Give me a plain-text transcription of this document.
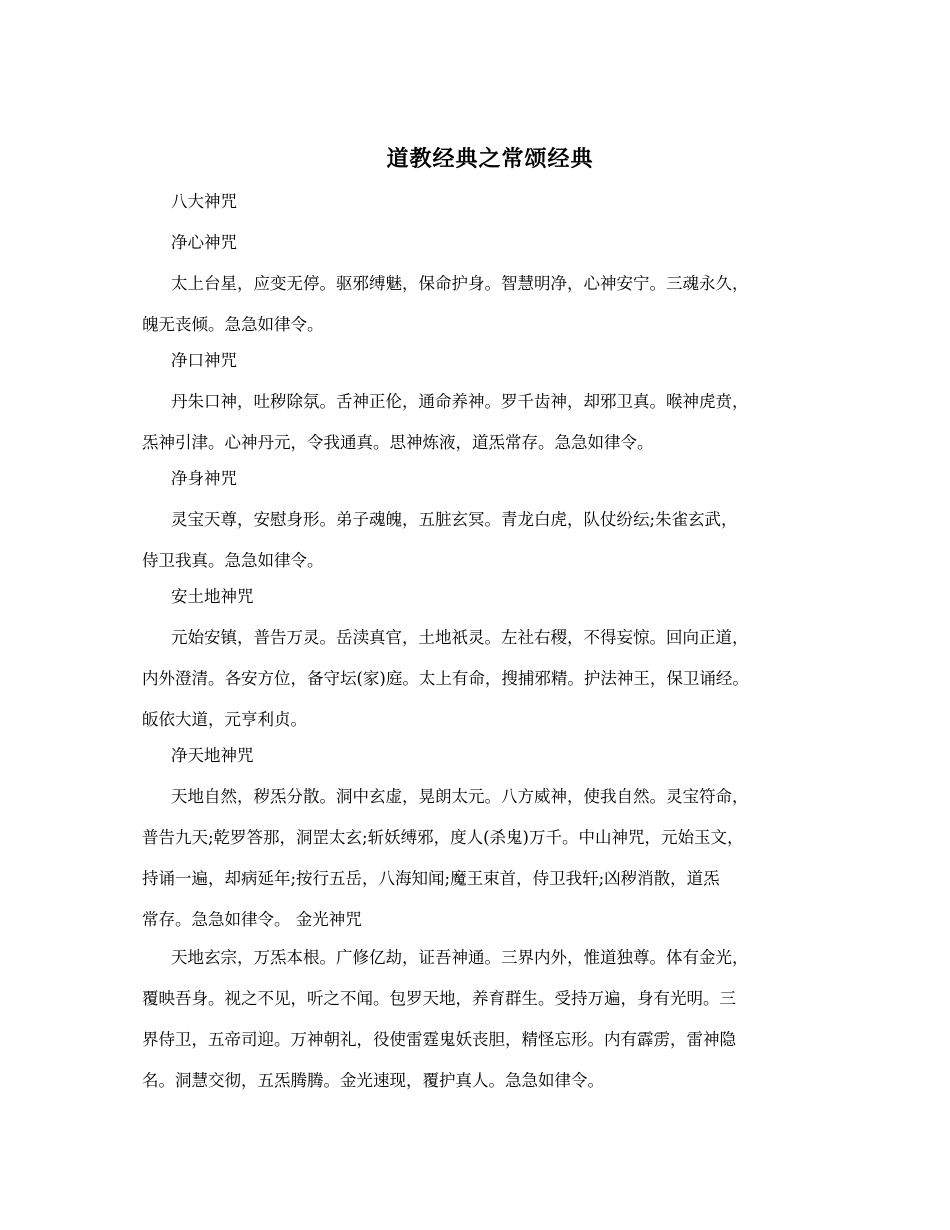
道教经典之常颂经典
八大神咒
净心神咒
太上台星，应变无停。驱邪缚魅，保命护身。智慧明净，心神安宁。三魂永久，
魄无丧倾。急急如律令。
净口神咒
丹朱口神，吐秽除氛。舌神正伦，通命养神。罗千齿神，却邪卫真。喉神虎贲，
炁神引津。心神丹元，令我通真。思神炼液，道炁常存。急急如律令。
净身神咒
灵宝天尊，安慰身形。弟子魂魄，五脏玄冥。青龙白虎，队仗纷纭;朱雀玄武，
侍卫我真。急急如律令。
安土地神咒
元始安镇，普告万灵。岳渎真官，土地祇灵。左社右稷，不得妄惊。回向正道，
内外澄清。各安方位，备守坛(家)庭。太上有命，搜捕邪精。护法神王，保卫诵经。
皈依大道，元亨利贞。
净天地神咒
天地自然，秽炁分散。洞中玄虚，晃朗太元。八方威神，使我自然。灵宝符命，
普告九天;乾罗答那，洞罡太玄;斩妖缚邪，度人(杀鬼)万千。中山神咒，元始玉文，
持诵一遍，却病延年;按行五岳，八海知闻;魔王束首，侍卫我轩;凶秽消散，道炁
常存。急急如律令。 金光神咒
天地玄宗，万炁本根。广修亿劫，证吾神通。三界内外，惟道独尊。体有金光，
覆映吾身。视之不见，听之不闻。包罗天地，养育群生。受持万遍，身有光明。三
界侍卫，五帝司迎。万神朝礼，役使雷霆鬼妖丧胆，精怪忘形。内有霹雳，雷神隐
名。洞慧交彻，五炁腾腾。金光速现，覆护真人。急急如律令。
